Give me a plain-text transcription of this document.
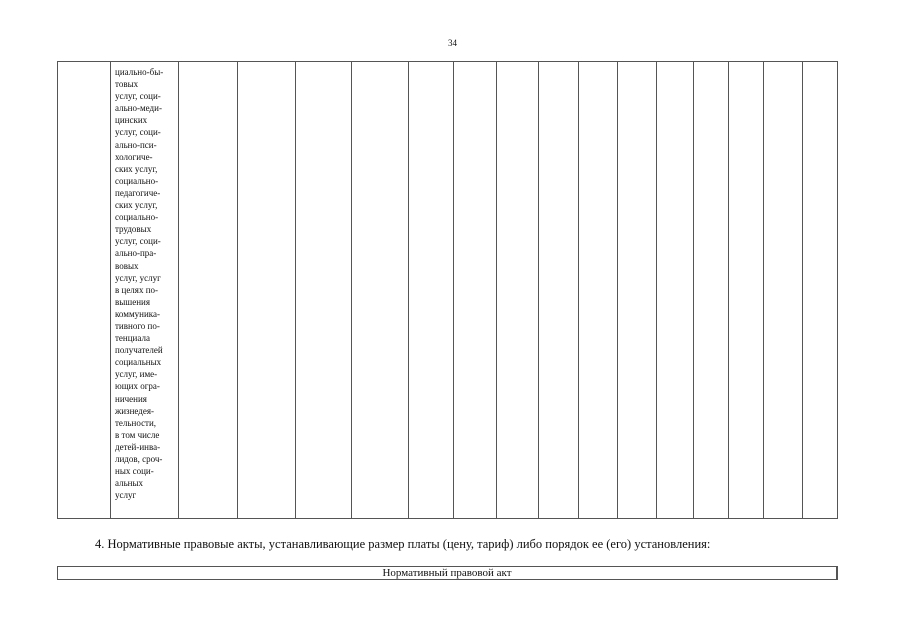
34

циально-бы-
товых
услуг, соци-
ально-меди-
цинских
услуг, соци-
ально-пси-
хологиче-
ских услуг,
социально-
педагогиче-
ских услуг,
социально-
трудовых
услуг, соци-
ально-пра-
вовых
услуг, услуг
в целях по-
вышения
коммуника-
тивного по-
тенциала
получателей
социальных
услуг, име-
ющих огра-
ничения
жизнедея-
тельности,
в том числе
детей-инва-
лидов, сроч-
ных соци-
альных
услуг

4. Нормативные правовые акты, устанавливающие размер платы (цену, тариф) либо порядок ее (его) установления:
Нормативный правовой акт
